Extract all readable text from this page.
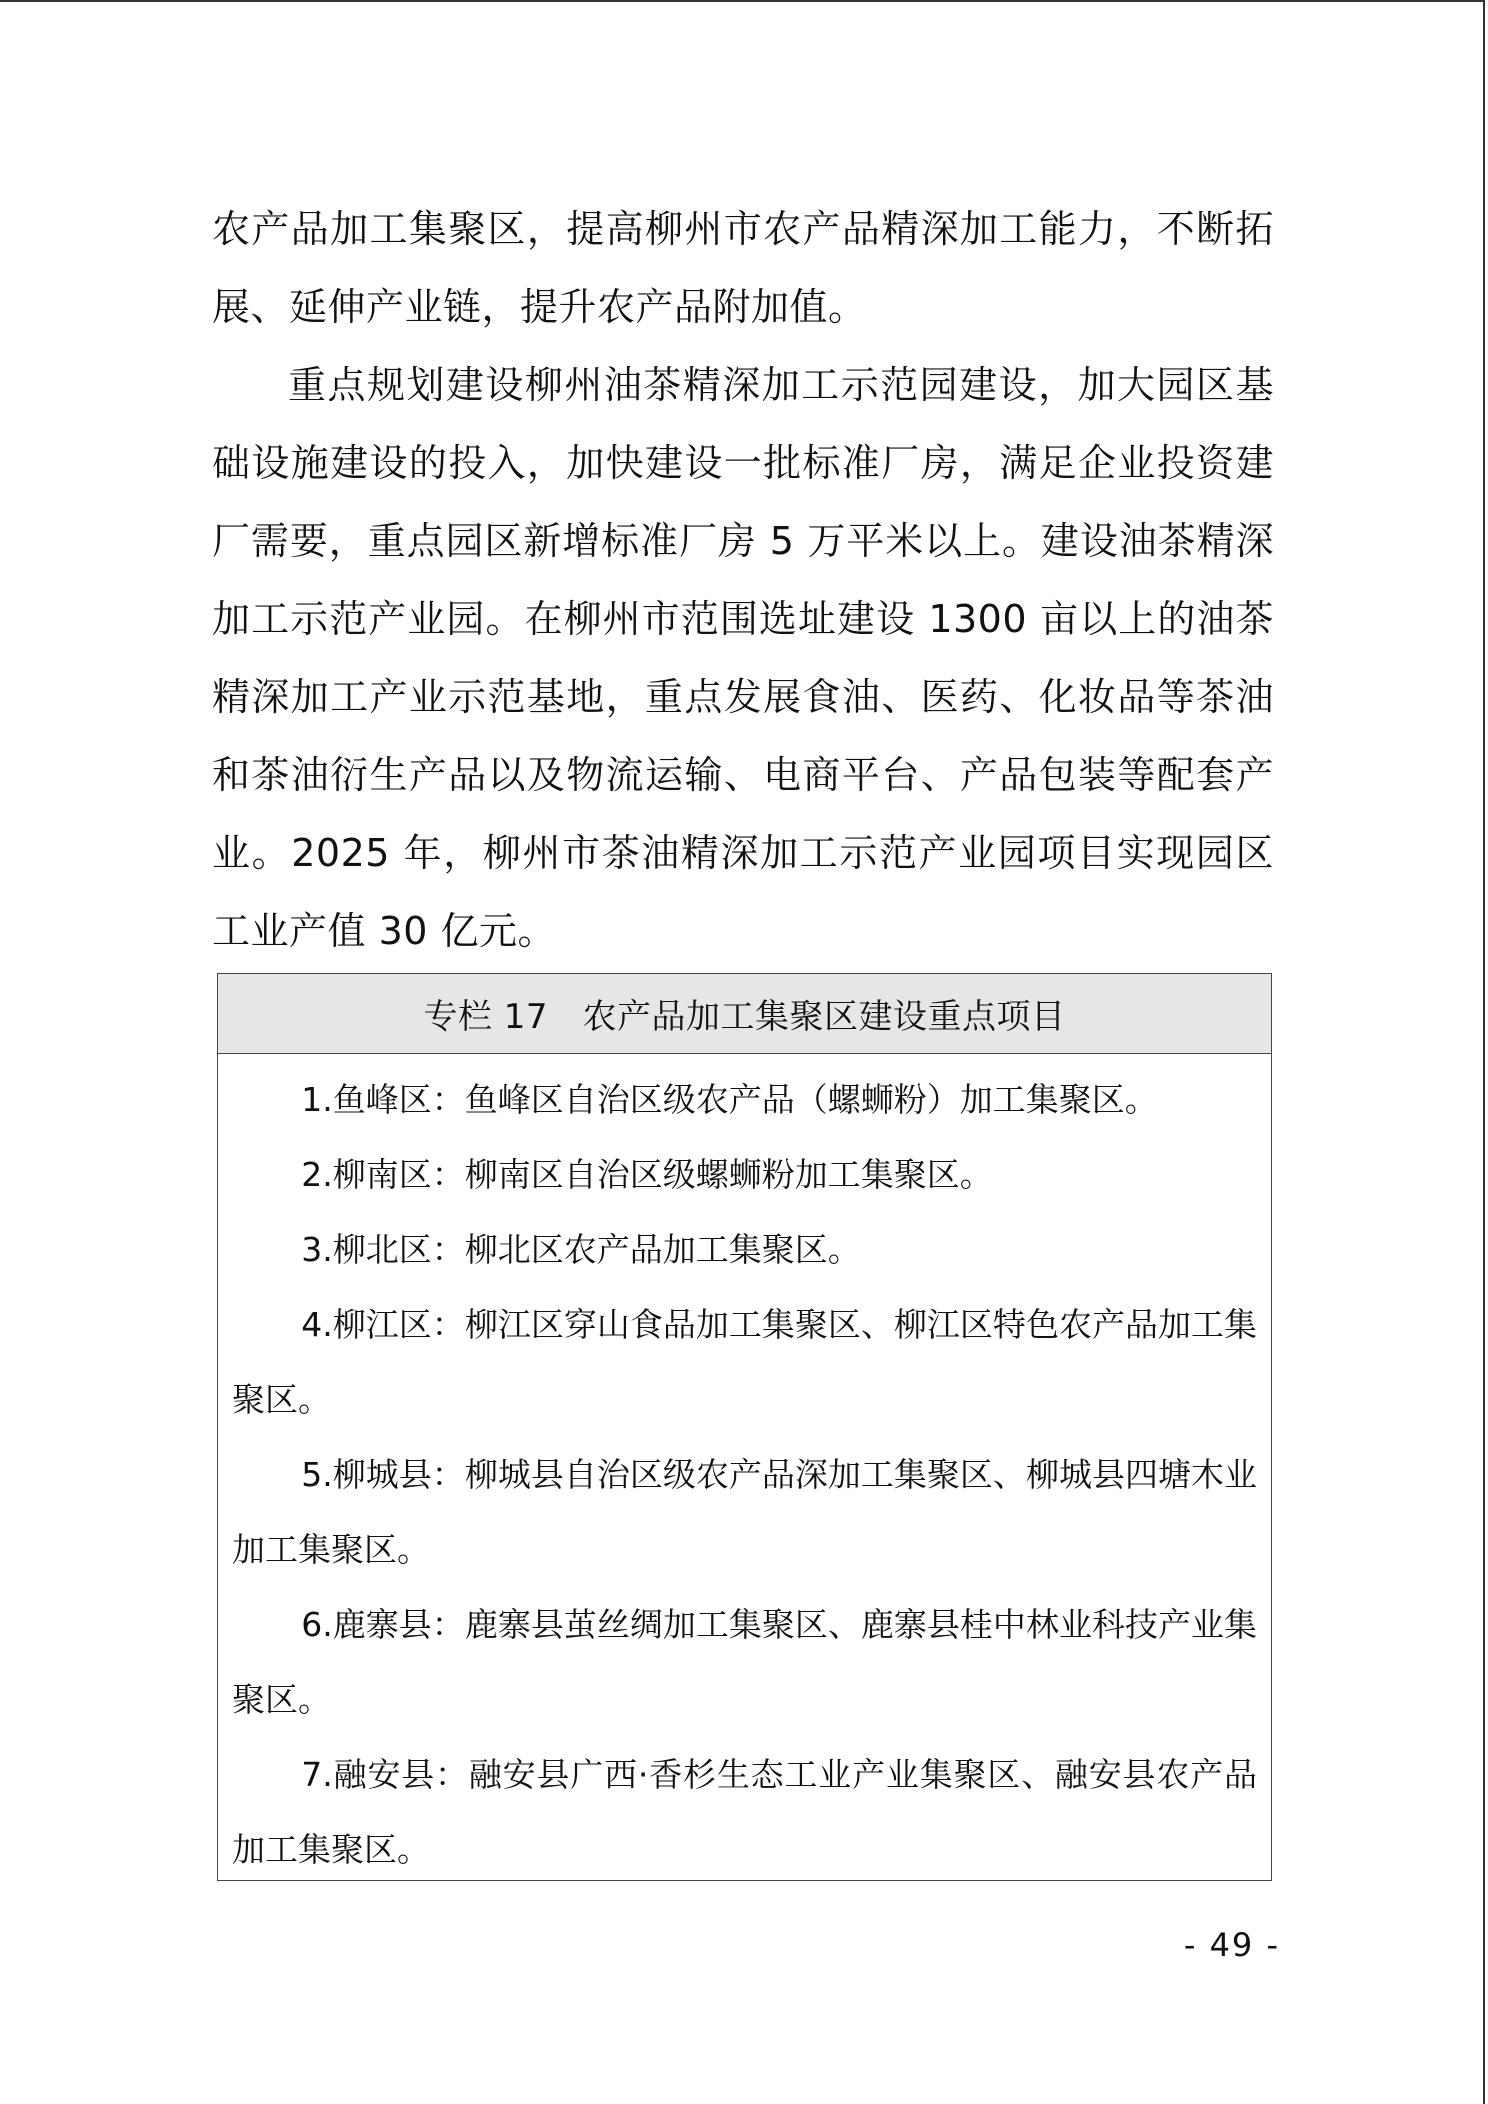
农产品加工集聚区，提高柳州市农产品精深加工能力，不断拓展、延伸产业链，提升农产品附加值。

重点规划建设柳州油茶精深加工示范园建设，加大园区基础设施建设的投入，加快建设一批标准厂房，满足企业投资建厂需要，重点园区新增标准厂房 5 万平米以上。建设油茶精深加工示范产业园。在柳州市范围选址建设 1300 亩以上的油茶精深加工产业示范基地，重点发展食油、医药、化妆品等茶油和茶油衍生产品以及物流运输、电商平台、产品包装等配套产业。2025 年，柳州市茶油精深加工示范产业园项目实现园区工业产值 30 亿元。

专栏 17　农产品加工集聚区建设重点项目

1.鱼峰区：鱼峰区自治区级农产品（螺蛳粉）加工集聚区。

2.柳南区：柳南区自治区级螺蛳粉加工集聚区。

3.柳北区：柳北区农产品加工集聚区。

4.柳江区：柳江区穿山食品加工集聚区、柳江区特色农产品加工集聚区。

5.柳城县：柳城县自治区级农产品深加工集聚区、柳城县四塘木业加工集聚区。

6.鹿寨县：鹿寨县茧丝绸加工集聚区、鹿寨县桂中林业科技产业集聚区。

7.融安县：融安县广西·香杉生态工业产业集聚区、融安县农产品加工集聚区。

- 49 -
